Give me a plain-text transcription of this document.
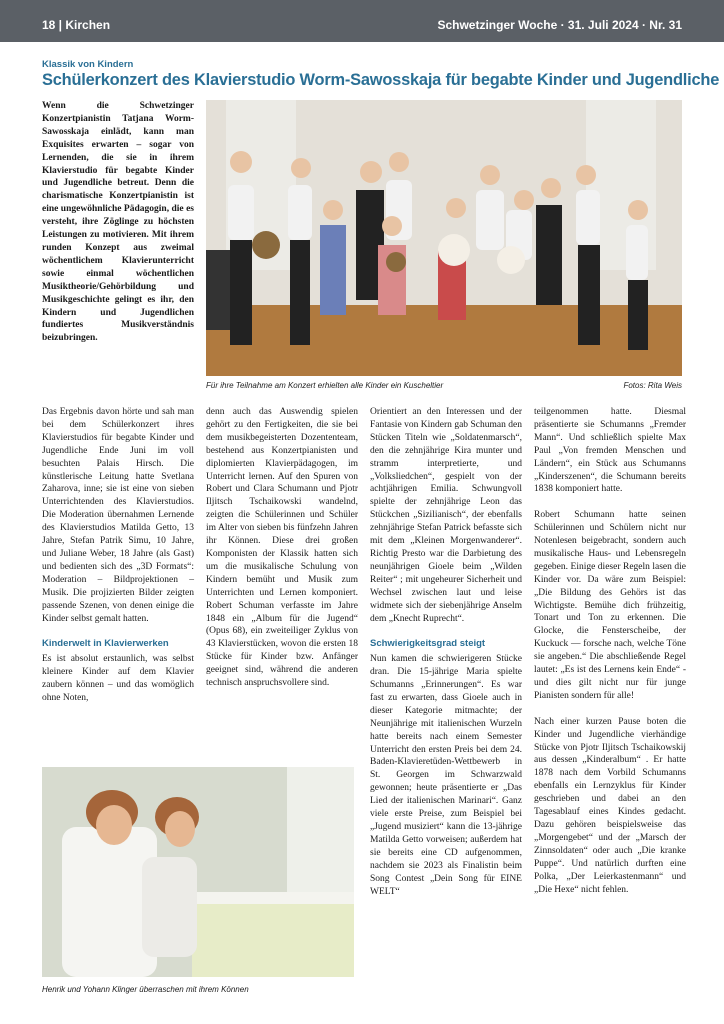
18 | Kirchen	Schwetzinger Woche · 31. Juli 2024 · Nr. 31
Klassik von Kindern
Schülerkonzert des Klavierstudio Worm-Sawosskaja für begabte Kinder und Jugendliche

Wenn die Schwetzinger Konzertpianistin Tatjana Worm-Sawosskaja einlädt, kann man Exquisites erwarten – sogar von Lernenden, die sie in ihrem Klavierstudio für begabte Kinder und Jugendliche betreut. Denn die charismatische Konzertpianistin ist eine ungewöhnliche Pädagogin, die es versteht, ihre Zöglinge zu höchsten Leistungen zu motivieren. Mit ihrem runden Konzept aus zweimal wöchentlichem Klavierunterricht sowie einmal wöchentlichen Musiktheorie/Gehörbildung und Musikgeschichte gelingt es ihr, den Kindern und Jugendlichen fundiertes Musikverständnis beizubringen.

Für ihre Teilnahme am Konzert erhielten alle Kinder ein Kuscheltier	Fotos: Rita Weis

Das Ergebnis davon hörte und sah man bei dem Schülerkonzert ihres Klavierstudios für begabte Kinder und Jugendliche Ende Juni im voll besuchten Palais Hirsch. Die künstlerische Leitung hatte Svetlana Zaharova, inne; sie ist eine von sieben Unterrichtenden des Klavierstudios. Die Moderation übernahmen Lernende des Klavierstudios Matilda Getto, 13 Jahre, Stefan Patrik Simu, 10 Jahre, und Juliane Weber, 18 Jahre (als Gast) und bedienten sich des „3D Formats“: Moderation – Bildprojektionen – Musik. Die projizierten Bilder zeigten passende Szenen, von denen einige die Kinder selbst gemalt hatten.

Kinderwelt in Klavierwerken

Es ist absolut erstaunlich, was selbst kleinere Kinder auf dem Klavier zaubern können – und das womöglich ohne Noten,

denn auch das Auswendig spielen gehört zu den Fertigkeiten, die sie bei dem musikbegeisterten Dozententeam, bestehend aus Konzertpianisten und diplomierten Klavierpädagogen, im Unterricht lernen. Auf den Spuren von Robert und Clara Schumann und Pjotr Iljitsch Tschaikowski wandelnd, zeigten die Schülerinnen und Schüler im Alter von sieben bis fünfzehn Jahren ihr Können. Diese drei großen Komponisten der Klassik hatten sich um die musikalische Schulung von Kindern bemüht und Musik zum Unterrichten und Lernen komponiert. Robert Schuman verfasste im Jahre 1848 ein „Album für die Jugend“ (Opus 68), ein zweiteiliger Zyklus von 43 Klavierstücken, wovon die ersten 18 Stücke für Kinder bzw. Anfänger geeignet sind, während die anderen technisch anspruchsvollere sind.

Orientiert an den Interessen und der Fantasie von Kindern gab Schuman den Stücken Titeln wie „Soldatenmarsch“, den die zehnjährige Kira munter und stramm interpretierte, und „Volksliedchen“, gespielt von der achtjährigen Emilia. Schwungvoll spielte der zehnjährige Leon das Stückchen „Sizilianisch“, der ebenfalls zehnjährige Stefan Patrick befasste sich mit dem „Kleinen Morgenwanderer“. Richtig Presto war die Darbietung des neunjährigen Gioele beim „Wilden Reiter“ ; mit ungeheurer Sicherheit und Wechsel zwischen laut und leise widmete sich der siebenjährige Anselm dem „Knecht Ruprecht“.

Schwierigkeitsgrad steigt

Nun kamen die schwierigeren Stücke dran. Die 15-jährige Maria spielte Schumanns „Erinnerungen“. Es war fast zu erwarten, dass Gioele auch in dieser Kategorie mitmachte; der Neunjährige mit italienischen Wurzeln hatte bereits nach einem Semester Unterricht den ersten Preis bei dem 24. Baden-Klavieretüden-Wettbewerb in St. Georgen im Schwarzwald gewonnen; heute präsentierte er „Das Lied der italienischen Marinari“. Ganz viele erste Preise, zum Beispiel bei „Jugend musiziert“ kann die 13-jährige Matilda Getto vorweisen; außerdem hat sie bereits eine CD aufgenommen, nachdem sie 2023 als Finalistin beim Song Contest „Dein Song für EINE WELT“

teilgenommen hatte. Diesmal präsentierte sie Schumanns „Fremder Mann“. Und schließlich spielte Max Paul „Von fremden Menschen und Ländern“, ein Stück aus Schumanns „Kinderszenen“, die Schumann bereits 1838 komponiert hatte.

Robert Schumann hatte seinen Schülerinnen und Schülern nicht nur Notenlesen beigebracht, sondern auch musikalische Haus- und Lebensregeln gegeben. Einige dieser Regeln lasen die Kinder vor. Da wäre zum Beispiel: „Die Bildung des Gehörs ist das Wichtigste. Bemühe dich frühzeitig, Tonart und Ton zu erkennen. Die Glocke, die Fensterscheibe, der Kuckuck — forsche nach, welche Töne sie angeben.“ Die abschließende Regel lautet: „Es ist des Lernens kein Ende“ - und dies gilt nicht nur für junge Pianisten sondern für alle!

Nach einer kurzen Pause boten die Kinder und Jugendliche vierhändige Stücke von Pjotr Iljitsch Tschaikowskij aus dessen „Kinderalbum“ . Er hatte 1878 nach dem Vorbild Schumanns ebenfalls ein Lernzyklus für Kinder geschrieben und dabei an den Tagesablauf eines Kindes gedacht. Dazu gehören beispielsweise das „Morgengebet“ und der „Marsch der Zinnsoldaten“ oder auch „Die kranke Puppe“. Und natürlich durften eine Polka, „Der Leierkastenmann“ und „Die Hexe“ nicht fehlen.

Henrik und Yohann Klinger überraschen mit ihrem Können
